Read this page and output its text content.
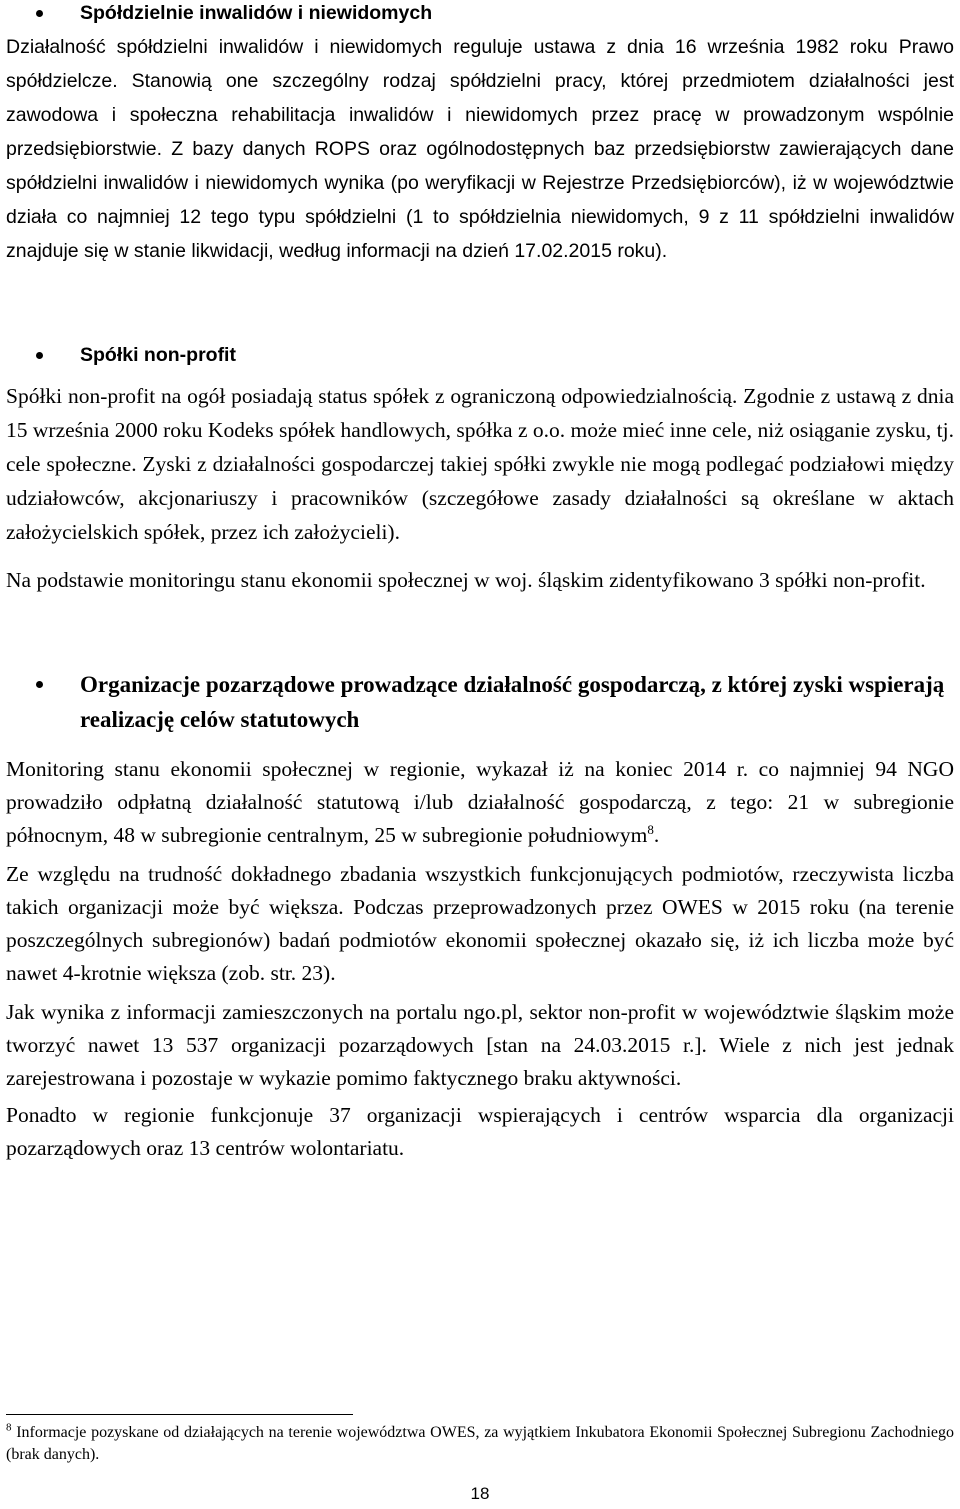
Spółdzielnie inwalidów i niewidomych

Działalność spółdzielni inwalidów i niewidomych reguluje ustawa z dnia 16 września 1982 roku Prawo spółdzielcze. Stanowią one szczególny rodzaj spółdzielni pracy, której przedmiotem działalności jest zawodowa i społeczna rehabilitacja inwalidów i niewidomych przez pracę w prowadzonym wspólnie przedsiębiorstwie. Z bazy danych ROPS oraz ogólnodostępnych baz przedsiębiorstw zawierających dane spółdzielni inwalidów i niewidomych wynika (po weryfikacji w Rejestrze Przedsiębiorców), iż w województwie działa co najmniej 12 tego typu spółdzielni (1 to spółdzielnia niewidomych, 9 z 11 spółdzielni inwalidów znajduje się w stanie likwidacji, według informacji na dzień 17.02.2015 roku).

Spółki non-profit

Spółki non-profit na ogół posiadają status spółek z ograniczoną odpowiedzialnością. Zgodnie z ustawą z dnia 15 września 2000 roku Kodeks spółek handlowych, spółka z o.o. może mieć inne cele, niż osiąganie zysku, tj. cele społeczne. Zyski z działalności gospodarczej takiej spółki zwykle nie mogą podlegać podziałowi między udziałowców, akcjonariuszy i pracowników (szczegółowe zasady działalności są określane w aktach założycielskich spółek, przez ich założycieli).

Na podstawie monitoringu stanu ekonomii społecznej w woj. śląskim zidentyfikowano 3 spółki non-profit.

Organizacje pozarządowe prowadzące działalność gospodarczą, z której zyski wspierają realizację celów statutowych

Monitoring stanu ekonomii społecznej w regionie, wykazał iż na koniec 2014 r. co najmniej 94 NGO prowadziło odpłatną działalność statutową i/lub działalność gospodarczą, z tego: 21 w subregionie północnym, 48 w subregionie centralnym, 25 w subregionie południowym$^8$.

Ze względu na trudność dokładnego zbadania wszystkich funkcjonujących podmiotów, rzeczywista liczba takich organizacji może być większa. Podczas przeprowadzonych przez OWES w 2015 roku (na terenie poszczególnych subregionów) badań podmiotów ekonomii społecznej okazało się, iż ich liczba może być nawet 4-krotnie większa (zob. str. 23).

Jak wynika z informacji zamieszczonych na portalu ngo.pl, sektor non-profit w województwie śląskim może tworzyć nawet 13 537 organizacji pozarządowych [stan na 24.03.2015 r.]. Wiele z nich jest jednak zarejestrowana i pozostaje w wykazie pomimo faktycznego braku aktywności.

Ponadto w regionie funkcjonuje 37 organizacji wspierających i centrów wsparcia dla organizacji pozarządowych oraz 13 centrów wolontariatu.

$^8$ Informacje pozyskane od działających na terenie województwa OWES, za wyjątkiem Inkubatora Ekonomii Społecznej Subregionu Zachodniego (brak danych).
18
